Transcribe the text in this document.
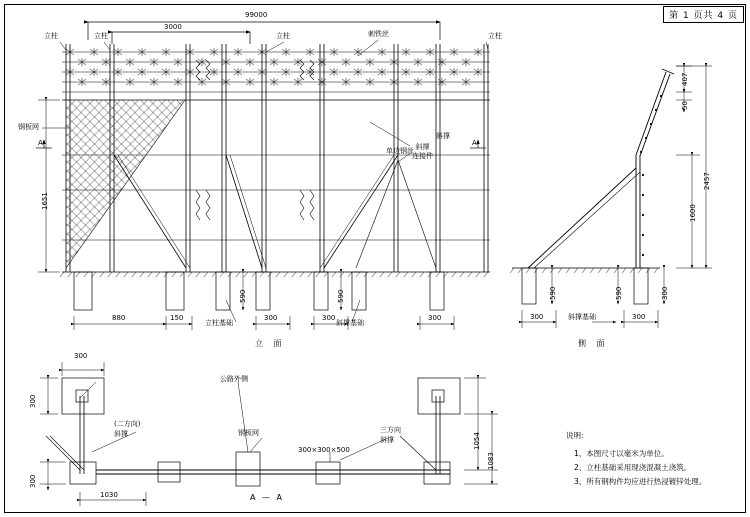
第 1 页共 4 页
99000
3000
立柱	立柱	立柱	立柱
刺铁丝
钢板网
斜撑
连接件
单边钢丝
立柱基础	斜撑基础
斜撑
1651
590	590
880	150	300	300	300
A	A
立 面
407
50
1600
2457
590	590	300
300	300
斜撑基础
側 面
300
300
300
1030
1054
1083
公路外侧
钢板网
300×300×500
(二方向)
斜撑	三方向
斜撑
A — A
说明：
1、本图尺寸以毫米为单位。
2、立柱基础采用现浇混凝土浇筑。
3、所有钢构件均应进行热浸镀锌处理。
